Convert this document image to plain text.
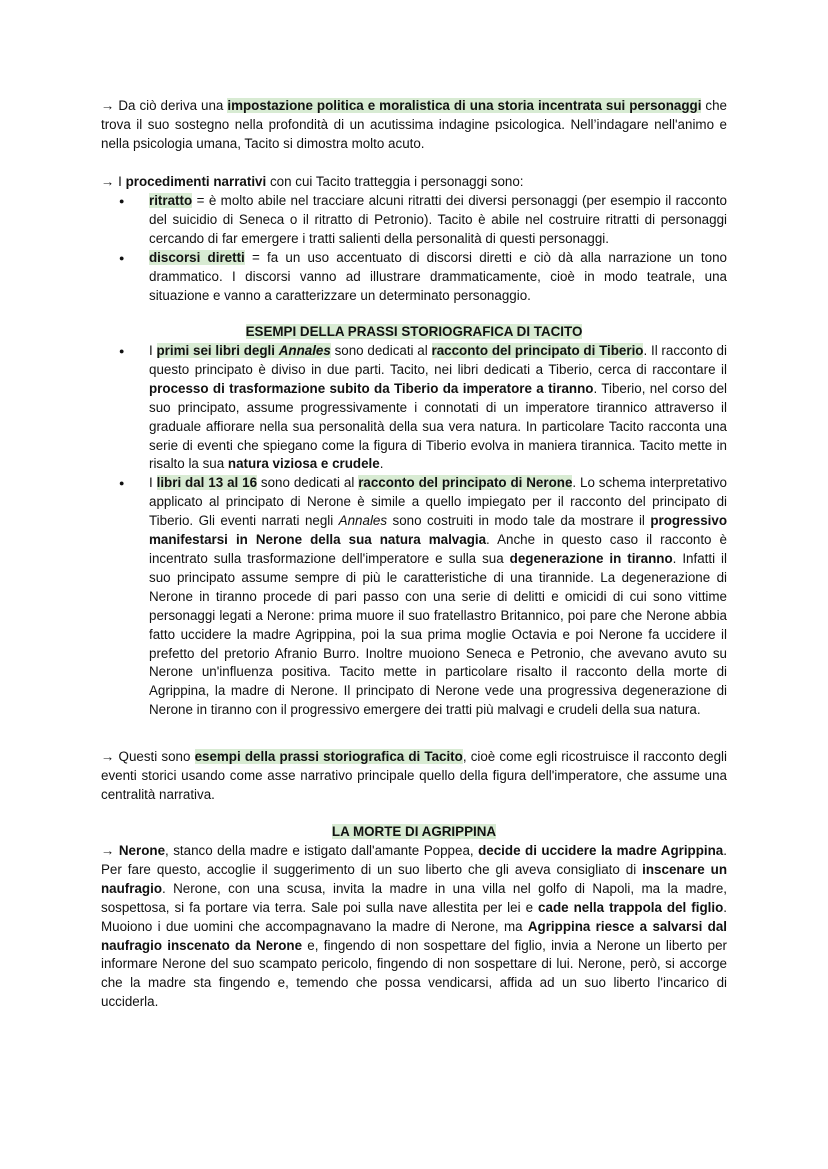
→ Da ciò deriva una impostazione politica e moralistica di una storia incentrata sui personaggi che trova il suo sostegno nella profondità di un acutissima indagine psicologica. Nell’indagare nell'animo e nella psicologia umana, Tacito si dimostra molto acuto.

→ I procedimenti narrativi con cui Tacito tratteggia i personaggi sono:

● ritratto = è molto abile nel tracciare alcuni ritratti dei diversi personaggi (per esempio il racconto del suicidio di Seneca o il ritratto di Petronio). Tacito è abile nel costruire ritratti di personaggi cercando di far emergere i tratti salienti della personalità di questi personaggi.
● discorsi diretti = fa un uso accentuato di discorsi diretti e ciò dà alla narrazione un tono drammatico. I discorsi vanno ad illustrare drammaticamente, cioè in modo teatrale, una situazione e vanno a caratterizzare un determinato personaggio.
ESEMPI DELLA PRASSI STORIOGRAFICA DI TACITO
● I primi sei libri degli Annales sono dedicati al racconto del principato di Tiberio. Il racconto di questo principato è diviso in due parti. Tacito, nei libri dedicati a Tiberio, cerca di raccontare il processo di trasformazione subito da Tiberio da imperatore a tiranno. Tiberio, nel corso del suo principato, assume progressivamente i connotati di un imperatore tirannico attraverso il graduale affiorare nella sua personalità della sua vera natura. In particolare Tacito racconta una serie di eventi che spiegano come la figura di Tiberio evolva in maniera tirannica. Tacito mette in risalto la sua natura viziosa e crudele.
● I libri dal 13 al 16 sono dedicati al racconto del principato di Nerone. Lo schema interpretativo applicato al principato di Nerone è simile a quello impiegato per il racconto del principato di Tiberio. Gli eventi narrati negli Annales sono costruiti in modo tale da mostrare il progressivo manifestarsi in Nerone della sua natura malvagia. Anche in questo caso il racconto è incentrato sulla trasformazione dell'imperatore e sulla sua degenerazione in tiranno. Infatti il suo principato assume sempre di più le caratteristiche di una tirannide. La degenerazione di Nerone in tiranno procede di pari passo con una serie di delitti e omicidi di cui sono vittime personaggi legati a Nerone: prima muore il suo fratellastro Britannico, poi pare che Nerone abbia fatto uccidere la madre Agrippina, poi la sua prima moglie Octavia e poi Nerone fa uccidere il prefetto del pretorio Afranio Burro. Inoltre muoiono Seneca e Petronio, che avevano avuto su Nerone un'influenza positiva. Tacito mette in particolare risalto il racconto della morte di Agrippina, la madre di Nerone. Il principato di Nerone vede una progressiva degenerazione di Nerone in tiranno con il progressivo emergere dei tratti più malvagi e crudeli della sua natura.

→ Questi sono esempi della prassi storiografica di Tacito, cioè come egli ricostruisce il racconto degli eventi storici usando come asse narrativo principale quello della figura dell'imperatore, che assume una centralità narrativa.

LA MORTE DI AGRIPPINA

→ Nerone, stanco della madre e istigato dall'amante Poppea, decide di uccidere la madre Agrippina. Per fare questo, accoglie il suggerimento di un suo liberto che gli aveva consigliato di inscenare un naufragio. Nerone, con una scusa, invita la madre in una villa nel golfo di Napoli, ma la madre, sospettosa, si fa portare via terra. Sale poi sulla nave allestita per lei e cade nella trappola del figlio. Muoiono i due uomini che accompagnavano la madre di Nerone, ma Agrippina riesce a salvarsi dal naufragio inscenato da Nerone e, fingendo di non sospettare del figlio, invia a Nerone un liberto per informare Nerone del suo scampato pericolo, fingendo di non sospettare di lui. Nerone, però, si accorge che la madre sta fingendo e, temendo che possa vendicarsi, affida ad un suo liberto l'incarico di ucciderla.
